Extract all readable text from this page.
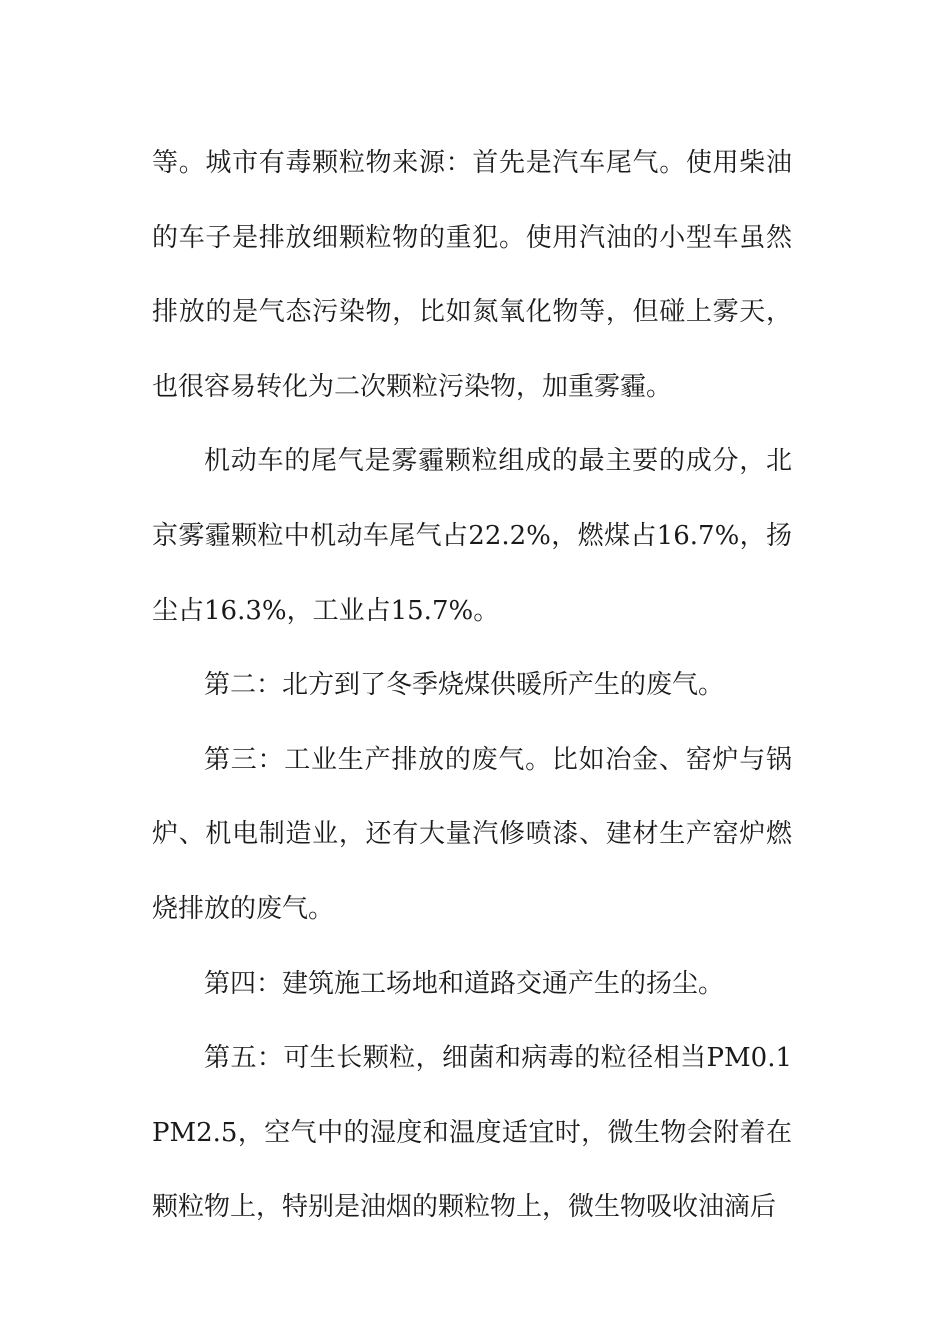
等。城市有毒颗粒物来源：首先是汽车尾气。使用柴油的车子是排放细颗粒物的重犯。使用汽油的小型车虽然排放的是气态污染物，比如氮氧化物等，但碰上雾天，也很容易转化为二次颗粒污染物，加重雾霾。

机动车的尾气是雾霾颗粒组成的最主要的成分，北京雾霾颗粒中机动车尾气占22.2%，燃煤占16.7%，扬尘占16.3%，工业占15.7%。

第二：北方到了冬季烧煤供暖所产生的废气。

第三：工业生产排放的废气。比如冶金、窑炉与锅炉、机电制造业，还有大量汽修喷漆、建材生产窑炉燃烧排放的废气。

第四：建筑施工场地和道路交通产生的扬尘。

第五：可生长颗粒，细菌和病毒的粒径相当PM0.1PM2.5，空气中的湿度和温度适宜时，微生物会附着在颗粒物上，特别是油烟的颗粒物上，微生物吸收油滴后
